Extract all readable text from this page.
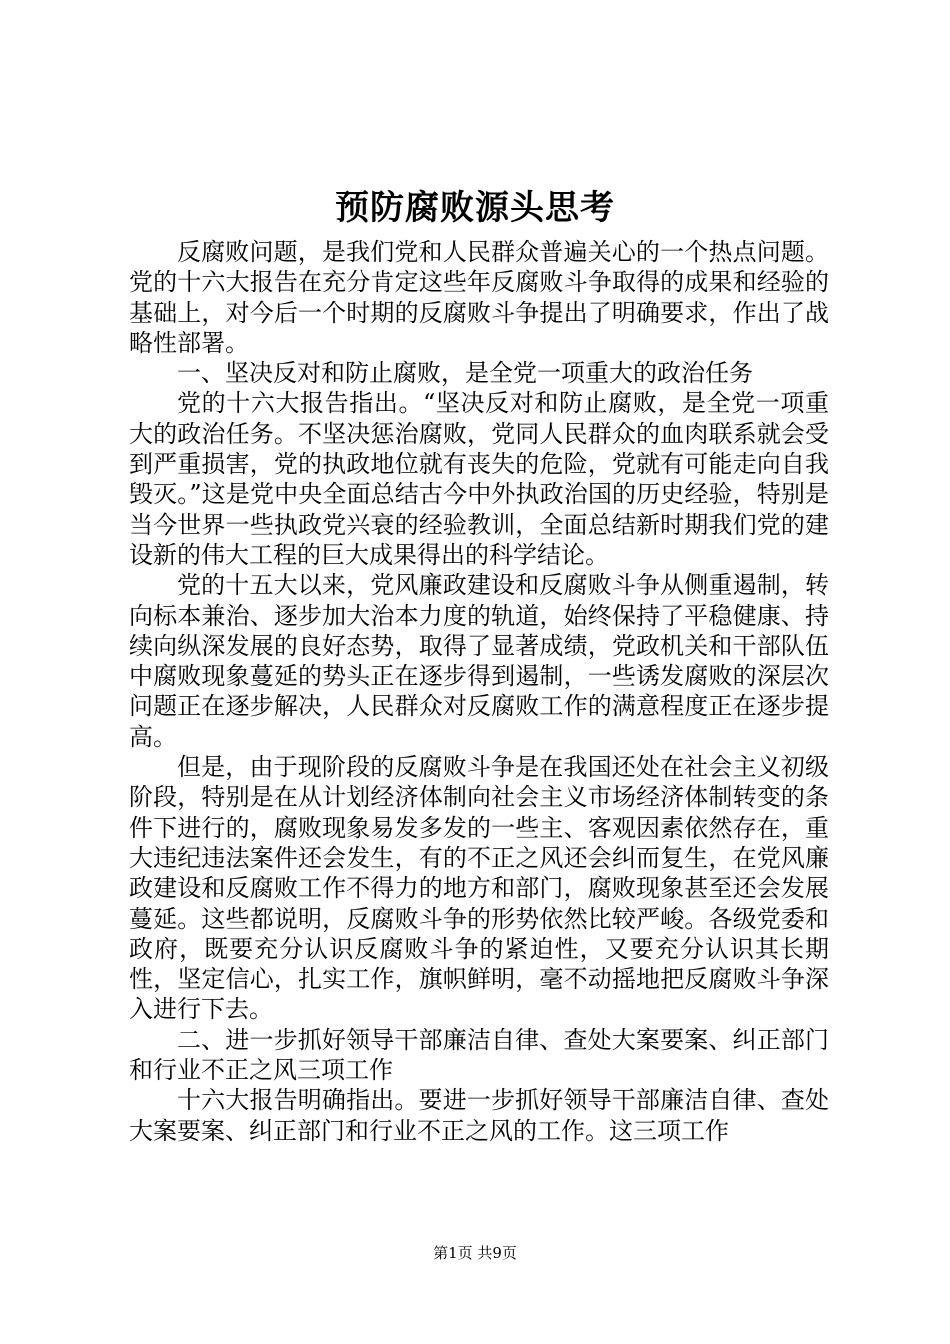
预防腐败源头思考

反腐败问题，是我们党和人民群众普遍关心的一个热点问题。党的十六大报告在充分肯定这些年反腐败斗争取得的成果和经验的基础上，对今后一个时期的反腐败斗争提出了明确要求，作出了战略性部署。

一、坚决反对和防止腐败，是全党一项重大的政治任务

党的十六大报告指出。“坚决反对和防止腐败，是全党一项重大的政治任务。不坚决惩治腐败，党同人民群众的血肉联系就会受到严重损害，党的执政地位就有丧失的危险，党就有可能走向自我毁灭。”这是党中央全面总结古今中外执政治国的历史经验，特别是当今世界一些执政党兴衰的经验教训，全面总结新时期我们党的建设新的伟大工程的巨大成果得出的科学结论。

党的十五大以来，党风廉政建设和反腐败斗争从侧重遏制，转向标本兼治、逐步加大治本力度的轨道，始终保持了平稳健康、持续向纵深发展的良好态势，取得了显著成绩，党政机关和干部队伍中腐败现象蔓延的势头正在逐步得到遏制，一些诱发腐败的深层次问题正在逐步解决，人民群众对反腐败工作的满意程度正在逐步提高。

但是，由于现阶段的反腐败斗争是在我国还处在社会主义初级阶段，特别是在从计划经济体制向社会主义市场经济体制转变的条件下进行的，腐败现象易发多发的一些主、客观因素依然存在，重大违纪违法案件还会发生，有的不正之风还会纠而复生，在党风廉政建设和反腐败工作不得力的地方和部门，腐败现象甚至还会发展蔓延。这些都说明，反腐败斗争的形势依然比较严峻。各级党委和政府，既要充分认识反腐败斗争的紧迫性，又要充分认识其长期性，坚定信心，扎实工作，旗帜鲜明，毫不动摇地把反腐败斗争深入进行下去。

二、进一步抓好领导干部廉洁自律、查处大案要案、纠正部门和行业不正之风三项工作

十六大报告明确指出。要进一步抓好领导干部廉洁自律、查处大案要案、纠正部门和行业不正之风的工作。这三项工作

第1页 共9页
